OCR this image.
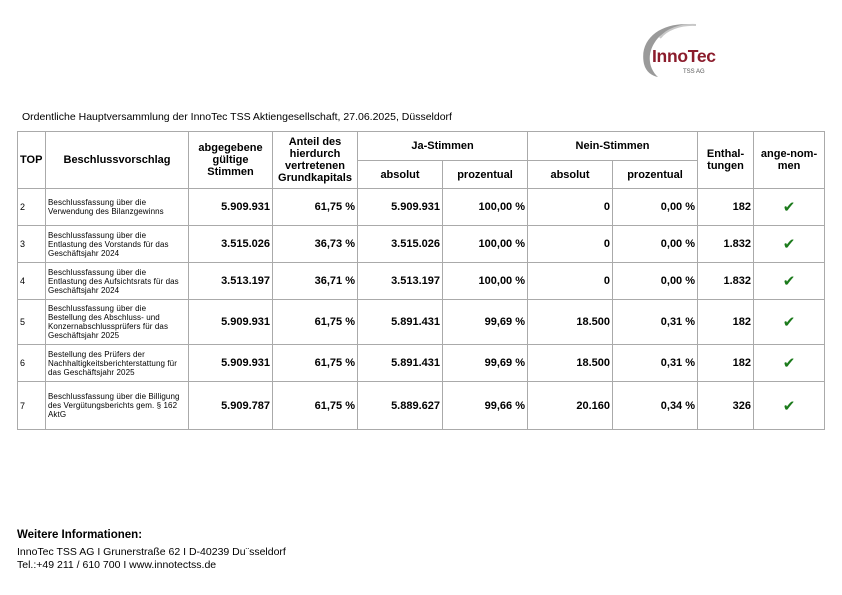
InnoTec
TSS AG
Ordentliche Hauptversammlung der InnoTec TSS Aktiengesellschaft, 27.06.2025, Düsseldorf
TOP	Beschlussvorschlag	abgegebene gültige Stimmen	Anteil des hierdurch vertretenen Grundkapitals	Ja-Stimmen		Nein-Stimmen		Enthal-tungen	ange-nom-men
				absolut	prozentual	absolut	prozentual		
2	Beschlussfassung über die Verwendung des Bilanzgewinns	5.909.931	61,75 %	5.909.931	100,00 %	0	0,00 %	182	✔
3	Beschlussfassung über die Entlastung des Vorstands für das Geschäftsjahr 2024	3.515.026	36,73 %	3.515.026	100,00 %	0	0,00 %	1.832	✔
4	Beschlussfassung über die Entlastung des Aufsichtsrats für das Geschäftsjahr 2024	3.513.197	36,71 %	3.513.197	100,00 %	0	0,00 %	1.832	✔
5	Beschlussfassung über die Bestellung des Abschluss- und Konzernabschlussprüfers für das Geschäftsjahr 2025	5.909.931	61,75 %	5.891.431	99,69 %	18.500	0,31 %	182	✔
6	Bestellung des Prüfers der Nachhaltigkeitsberichterstattung für das Geschäftsjahr 2025	5.909.931	61,75 %	5.891.431	99,69 %	18.500	0,31 %	182	✔
7	Beschlussfassung über die Billigung des Vergütungsberichts gem. § 162 AktG	5.909.787	61,75 %	5.889.627	99,66 %	20.160	0,34 %	326	✔
Weitere Informationen:
InnoTec TSS AG I Grunerstraße 62 I D-40239 Du¨sseldorf
Tel.:+49 211 / 610 700 I www.innotectss.de
